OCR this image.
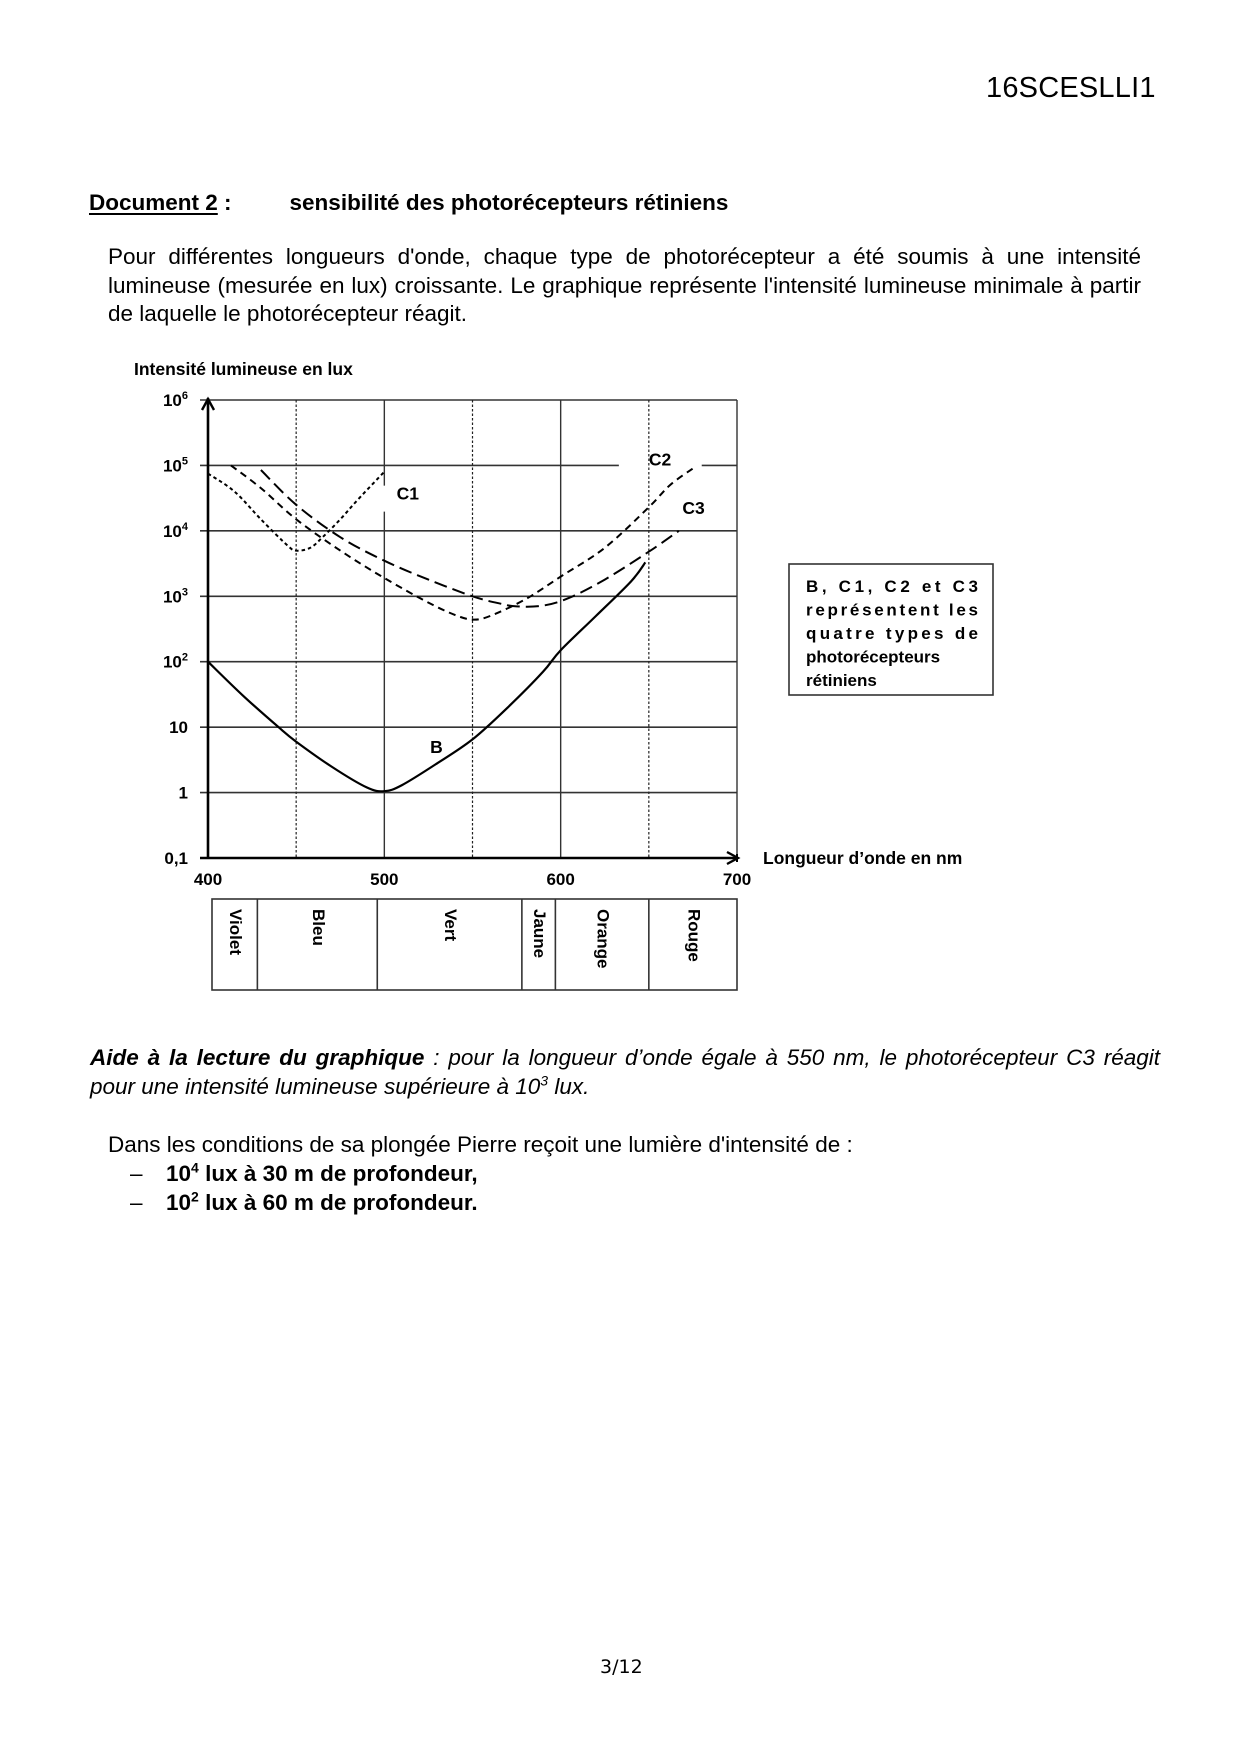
16SCESLLI1
Document 2 :	sensibilité des photorécepteurs rétiniens
Pour différentes longueurs d'onde, chaque type de photorécepteur a été soumis à une intensité lumineuse (mesurée en lux) croissante. Le graphique représente l'intensité lumineuse minimale à partir de laquelle le photorécepteur réagit.
0,1
1
10
$10^2$
$10^3$
$10^4$
$10^5$
$10^6$
400	500	600	700
Intensité lumineuse en lux
Longueur d’onde en nm
B
C1
C2
C3
Violet	Bleu	Vert	Jaune	Orange	Rouge
B, C1, C2 et C3
représentent les
quatre types de
photorécepteurs
rétiniens
Aide à la lecture du graphique : pour la longueur d’onde égale à 550 nm, le photorécepteur C3 réagit pour une intensité lumineuse supérieure à $10^3$ lux.
Dans les conditions de sa plongée Pierre reçoit une lumière d'intensité de :
– $10^4$ lux à 30 m de profondeur,
– $10^2$ lux à 60 m de profondeur.
3/12
